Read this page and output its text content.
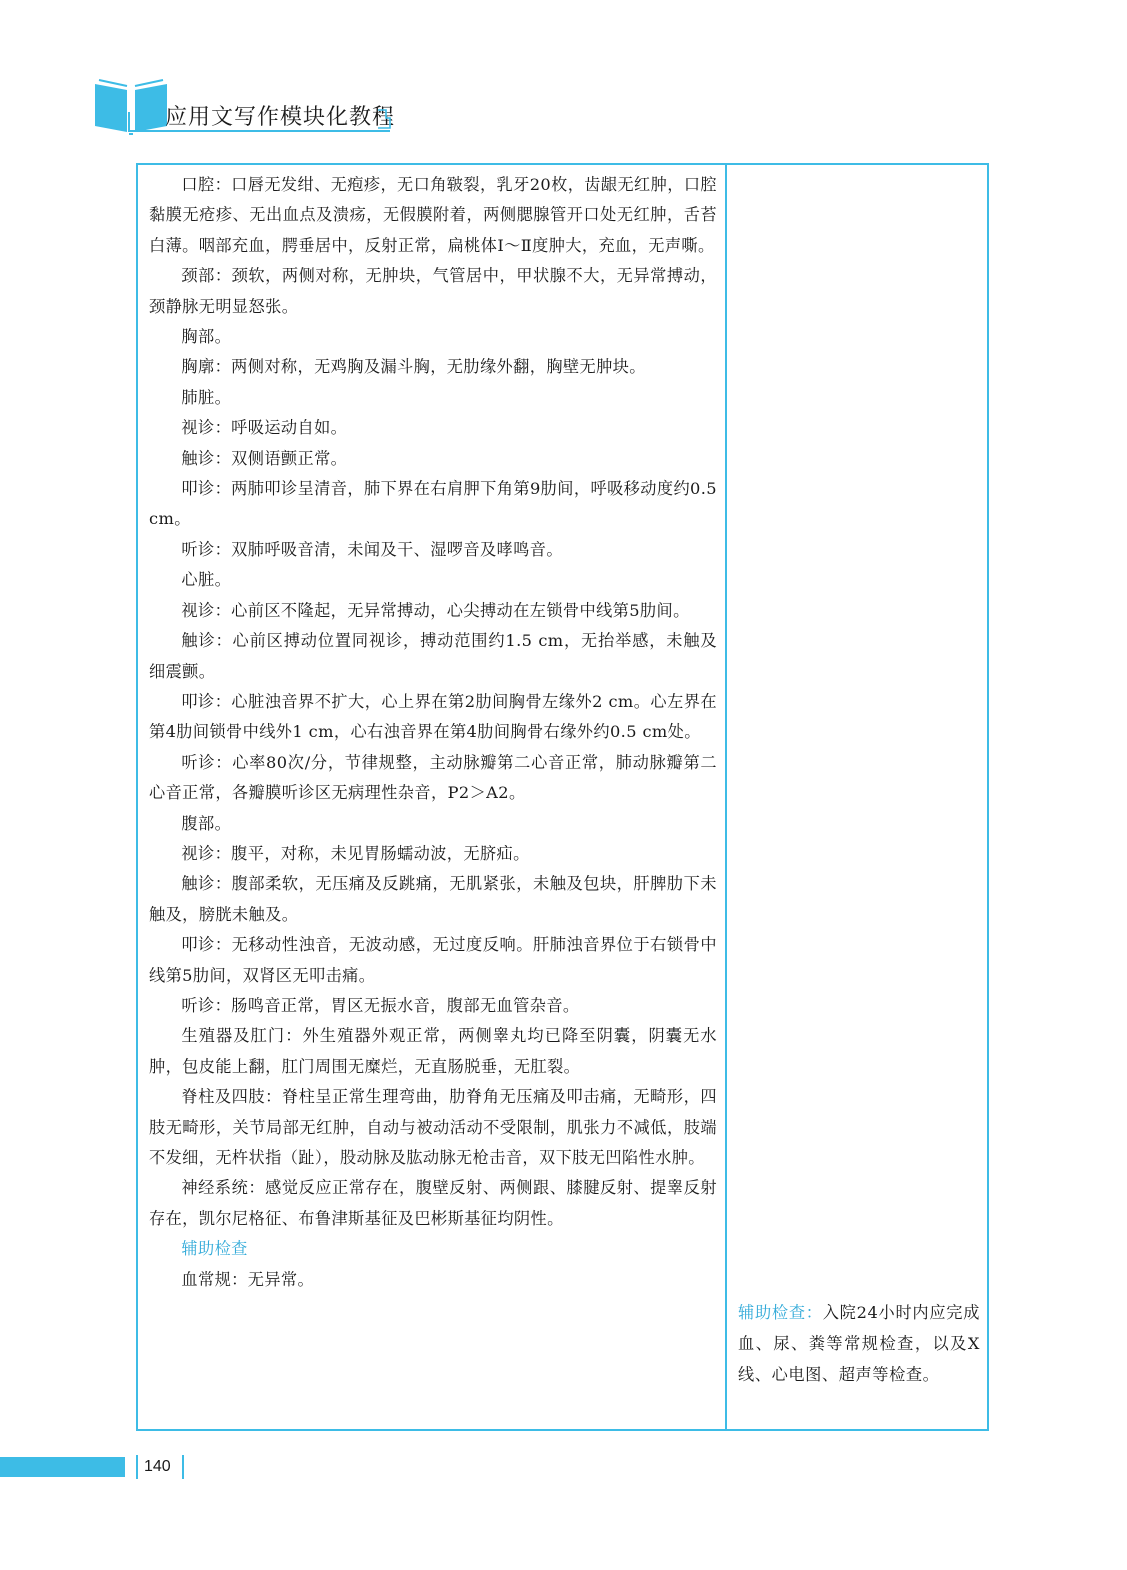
应用文写作模块化教程

口腔：口唇无发绀、无疱疹，无口角皲裂，乳牙20枚，齿龈无红肿，口腔黏膜无疮疹、无出血点及溃疡，无假膜附着，两侧腮腺管开口处无红肿，舌苔白薄。咽部充血，腭垂居中，反射正常，扁桃体Ⅰ～Ⅱ度肿大，充血，无声嘶。

颈部：颈软，两侧对称，无肿块，气管居中，甲状腺不大，无异常搏动，颈静脉无明显怒张。

胸部。

胸廓：两侧对称，无鸡胸及漏斗胸，无肋缘外翻，胸壁无肿块。

肺脏。

视诊：呼吸运动自如。

触诊：双侧语颤正常。

叩诊：两肺叩诊呈清音，肺下界在右肩胛下角第9肋间，呼吸移动度约0.5 cm。

听诊：双肺呼吸音清，未闻及干、湿啰音及哮鸣音。

心脏。

视诊：心前区不隆起，无异常搏动，心尖搏动在左锁骨中线第5肋间。

触诊：心前区搏动位置同视诊，搏动范围约1.5 cm，无抬举感，未触及细震颤。

叩诊：心脏浊音界不扩大，心上界在第2肋间胸骨左缘外2 cm。心左界在第4肋间锁骨中线外1 cm，心右浊音界在第4肋间胸骨右缘外约0.5 cm处。

听诊：心率80次/分，节律规整，主动脉瓣第二心音正常，肺动脉瓣第二心音正常，各瓣膜听诊区无病理性杂音，P2＞A2。

腹部。

视诊：腹平，对称，未见胃肠蠕动波，无脐疝。

触诊：腹部柔软，无压痛及反跳痛，无肌紧张，未触及包块，肝脾肋下未触及，膀胱未触及。

叩诊：无移动性浊音，无波动感，无过度反响。肝肺浊音界位于右锁骨中线第5肋间，双肾区无叩击痛。

听诊：肠鸣音正常，胃区无振水音，腹部无血管杂音。

生殖器及肛门：外生殖器外观正常，两侧睾丸均已降至阴囊，阴囊无水肿，包皮能上翻，肛门周围无糜烂，无直肠脱垂，无肛裂。

脊柱及四肢：脊柱呈正常生理弯曲，肋脊角无压痛及叩击痛，无畸形，四肢无畸形，关节局部无红肿，自动与被动活动不受限制，肌张力不减低，肢端不发细，无杵状指（趾），股动脉及肱动脉无枪击音，双下肢无凹陷性水肿。

神经系统：感觉反应正常存在，腹壁反射、两侧跟、膝腱反射、提睾反射存在，凯尔尼格征、布鲁津斯基征及巴彬斯基征均阴性。

辅助检查

血常规：无异常。

辅助检查：入院24小时内应完成血、尿、粪等常规检查，以及X线、心电图、超声等检查。
140
